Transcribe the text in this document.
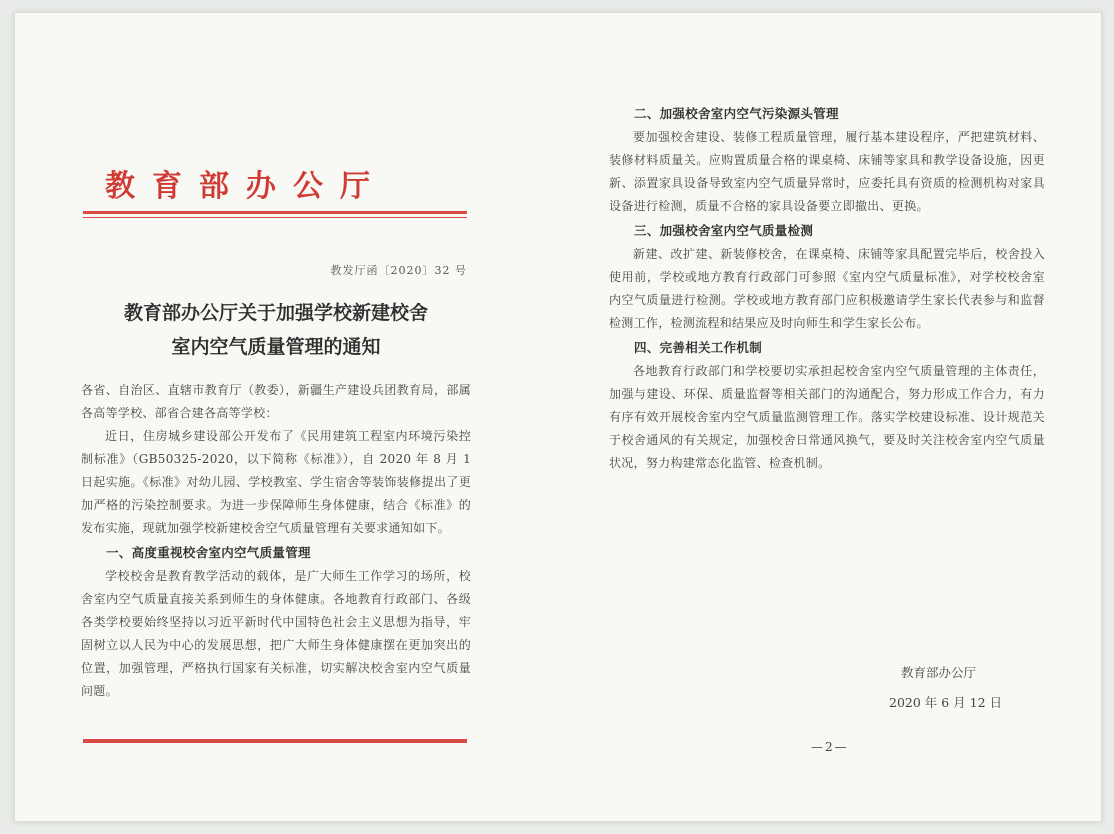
教育部办公厅
教发厅函〔2020〕32 号
教育部办公厅关于加强学校新建校舍
室内空气质量管理的通知

各省、自治区、直辖市教育厅（教委），新疆生产建设兵团教育局，部属各高等学校、部省合建各高等学校：

近日，住房城乡建设部公开发布了《民用建筑工程室内环境污染控制标准》（GB50325-2020，以下简称《标准》），自 2020 年 8 月 1 日起实施。《标准》对幼儿园、学校教室、学生宿舍等装饰装修提出了更加严格的污染控制要求。为进一步保障师生身体健康，结合《标准》的发布实施，现就加强学校新建校舍空气质量管理有关要求通知如下。

一、高度重视校舍室内空气质量管理

学校校舍是教育教学活动的载体，是广大师生工作学习的场所，校舍室内空气质量直接关系到师生的身体健康。各地教育行政部门、各级各类学校要始终坚持以习近平新时代中国特色社会主义思想为指导，牢固树立以人民为中心的发展思想，把广大师生身体健康摆在更加突出的位置，加强管理，严格执行国家有关标准，切实解决校舍室内空气质量问题。

二、加强校舍室内空气污染源头管理

要加强校舍建设、装修工程质量管理，履行基本建设程序，严把建筑材料、装修材料质量关。应购置质量合格的课桌椅、床铺等家具和教学设备设施，因更新、添置家具设备导致室内空气质量异常时，应委托具有资质的检测机构对家具设备进行检测，质量不合格的家具设备要立即撤出、更换。

三、加强校舍室内空气质量检测

新建、改扩建、新装修校舍，在课桌椅、床铺等家具配置完毕后，校舍投入使用前，学校或地方教育行政部门可参照《室内空气质量标准》，对学校校舍室内空气质量进行检测。学校或地方教育部门应积极邀请学生家长代表参与和监督检测工作，检测流程和结果应及时向师生和学生家长公布。

四、完善相关工作机制

各地教育行政部门和学校要切实承担起校舍室内空气质量管理的主体责任，加强与建设、环保、质量监督等相关部门的沟通配合，努力形成工作合力，有力有序有效开展校舍室内空气质量监测管理工作。落实学校建设标准、设计规范关于校舍通风的有关规定，加强校舍日常通风换气，要及时关注校舍室内空气质量状况，努力构建常态化监管、检查机制。

教育部办公厅
2020 年 6 月 12 日
—2—
